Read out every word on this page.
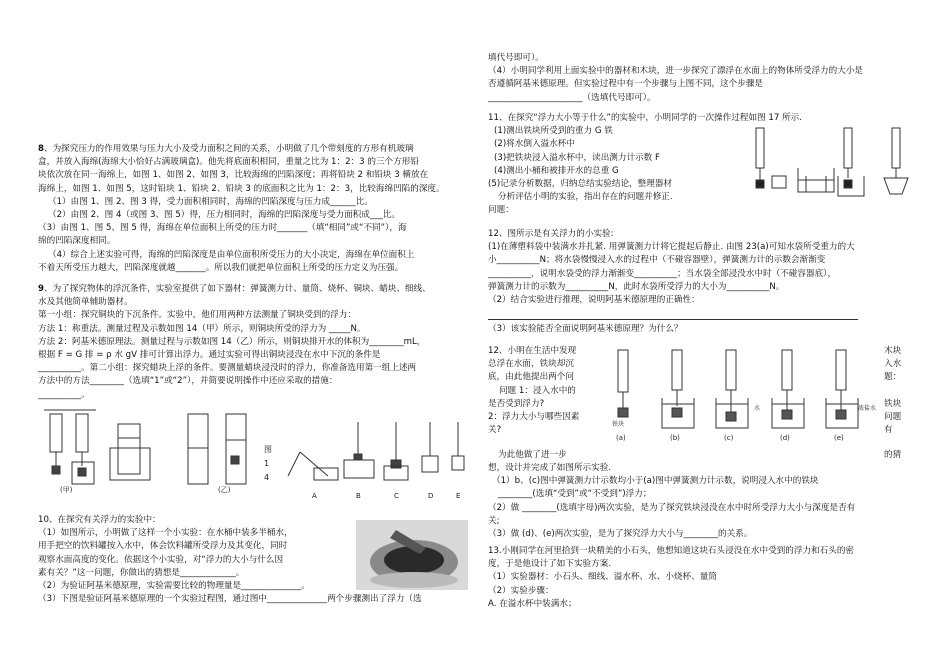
8、为探究压力的作用效果与压力大小及受力面积之间的关系，小明做了几个带刻度的方形有机玻璃
盒，并放入海绵(海绵大小恰好占满玻璃盒)。他先将底面积相同，重量之比为 1：2：3 的三个方形铅
块依次放在同一海绵上，如图 1、如图 2、如图 3，比较海绵的凹陷深度；再将铅块 2 和铅块 3 横放在
海绵上，如图 1、如图 5，这时铅块 1、铅块 2、铅块 3 的底面积之比为 1：2：3，比较海绵凹陷的深度。
（1）由图 1、图 2、图 3 得，受力面积相同时，海绵的凹陷深度与压力成______比。
（2）由图 2、图 4（或图 3、图 5）得，压力相同时，海绵的凹陷深度与受力面积成___比。
（3）由图 1、图 5、图 5 得，海绵在单位面积上所受的压力时_______（填“相同”或“不同”），海
绵的凹陷深度相同。
（4）综合上述实验可得，海绵的凹陷深度是由单位面积所受压力的大小决定，海绵在单位面积上
不着天所受压力越大，凹陷深度就越_______。所以我们就把单位面积上所受的压力定义为压强。
9、为了探究物体的浮沉条件，实验室提供了如下器材：弹簧测力计、量筒、烧杯、铜块、蜡块、细线、
水及其他简单辅助器材。
第一小组：探究铜块的下沉条件。实验中，他们用两种方法测量了铜块受到的浮力：
方法 1：称重法。测量过程及示数如图 14（甲）所示，则铜块所受的浮力为 _____N。
方法 2：阿基米德原理法。测量过程与示数如图 14（乙）所示，则铜块排开水的体积为________mL，
根据 F = G 排 = ρ 水 gV 排可计算出浮力。通过实验可得出铜块浸没在水中下沉的条件是
__________。第二小组：探究蜡块上浮的条件。要测量蜡块浸没时的浮力，你准备选用第一组上述两
方法中的方法________（选填“1”或“2”），并简要说明操作中还应采取的措施：
__________。
(甲)	(乙)
图
1
4
A	B	C	D	E
10、在探究有关浮力的实验中：
（1）如图所示，小明做了这样一个小实验：在水桶中装多半桶水，
用手把空的饮料罐按入水中，体会饮料罐所受浮力及其变化，同时
观察水面高度的变化。依据这个小实验，对“浮力的大小与什么因
素有关？”这一问题，你做出的猜想是_____________。
（2）为验证阿基米德原理，实验需要比较的物理量是______________。
（3）下图是验证阿基米德原理的一个实验过程图，通过图中______________两个步骤测出了浮力（选
填代号即可）。
（4）小明同学利用上面实验中的器材和木块，进一步探究了漂浮在水面上的物体所受浮力的大小是
否遵循阿基米德原理。但实验过程中有一个步骤与上图不同，这个步骤是
______________________（选填代号即可）。
11、在探究“浮力大小等于什么”的实验中，小明同学的一次操作过程如图 17 所示.
(1)测出铁块所受到的重力 G 铁
(2)将水倒入溢水杯中
(3)把铁块浸入溢水杯中，读出测力计示数 F
(4)测出小桶和被排开水的总重 G
(5)记录分析数据，归纳总结实验结论，整理器材
分析评估小明的实验，指出存在的问题并修正.
问题：
12、图所示是有关浮力的小实验:
(1)在薄塑料袋中装满水并扎紧. 用弹簧测力计将它提起后静止. 由图 23(a)可知水袋所受重力的大
小__________N；将水袋慢慢浸入水的过程中（不碰容器壁），弹簧测力计的示数会渐渐变
__________，说明水袋受的浮力渐渐变__________；当水袋全部浸没水中时（不碰容器底），
弹簧测力计的示数为__________N，此时水袋所受浮力的大小为__________N。
（2）结合实验进行推理，说明阿基米德原理的正确性：
（3）该实验能否全面说明阿基米德原理？为什么？
12、小明在生活中发现
总浮在水面，铁块却沉
底，由此他提出两个问
问题 1：浸入水中的
是否受到浮力?
2：浮力大小与哪些因素
关?
木块
入水
题：
铁块
问题
有
铁块
水	浓盐水
(a)	(b)	(c)	(d)	(e)
为此他做了进一步	的猜
想，设计并完成了如图所示实验.
（1）b、(c)图中弹簧测力计示数均小于(a)图中弹簧测力计示数，说明浸入水中的铁块
________(选填“受到”或“不受到”)浮力；
（2）做 ________(选填字母)两次实验，是为了探究铁块浸没在水中时所受浮力大小与深度是否有
关;
（3）做 (d)、(e)两次实验，是为了探究浮力大小与________的关系。
13.小刚同学在河里拾到一块精美的小石头，他想知道这块石头浸没在水中受到的浮力和石头的密
度，于是他设计了如下实验方案.
（1）实验器材：小石头、细线、溢水杯、水、小烧杯、量筒
（2）实验步骤：
A. 在溢水杯中装满水；
